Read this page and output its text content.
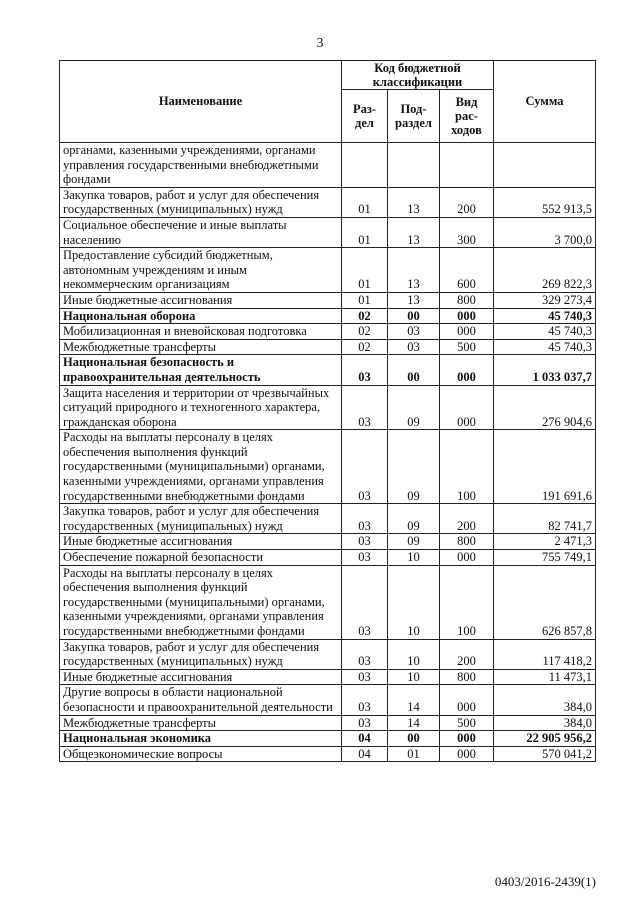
3
Наименование	Код бюджетной классификации			Сумма
	Раз-дел	Под-раздел	Вид рас-ходов	
органами, казенными учреждениями, органами управления государственными внебюджетными фондами				
Закупка товаров, работ и услуг для обеспечения государственных (муниципальных) нужд	01	13	200	552 913,5
Социальное обеспечение и иные выплаты населению	01	13	300	3 700,0
Предоставление субсидий бюджетным, автономным учреждениям и иным некоммерческим организациям	01	13	600	269 822,3
Иные бюджетные ассигнования	01	13	800	329 273,4
Национальная оборона	02	00	000	45 740,3
Мобилизационная и вневойсковая подготовка	02	03	000	45 740,3
Межбюджетные трансферты	02	03	500	45 740,3
Национальная безопасность и правоохранительная деятельность	03	00	000	1 033 037,7
Защита населения и территории от чрезвычайных ситуаций природного и техногенного характера, гражданская оборона	03	09	000	276 904,6
Расходы на выплаты персоналу в целях обеспечения выполнения функций государственными (муниципальными) органами, казенными учреждениями, органами управления государственными внебюджетными фондами	03	09	100	191 691,6
Закупка товаров, работ и услуг для обеспечения государственных (муниципальных) нужд	03	09	200	82 741,7
Иные бюджетные ассигнования	03	09	800	2 471,3
Обеспечение пожарной безопасности	03	10	000	755 749,1
Расходы на выплаты персоналу в целях обеспечения выполнения функций государственными (муниципальными) органами, казенными учреждениями, органами управления государственными внебюджетными фондами	03	10	100	626 857,8
Закупка товаров, работ и услуг для обеспечения государственных (муниципальных) нужд	03	10	200	117 418,2
Иные бюджетные ассигнования	03	10	800	11 473,1
Другие вопросы в области национальной безопасности и правоохранительной деятельности	03	14	000	384,0
Межбюджетные трансферты	03	14	500	384,0
Национальная экономика	04	00	000	22 905 956,2
Общеэкономические вопросы	04	01	000	570 041,2
0403/2016-2439(1)
